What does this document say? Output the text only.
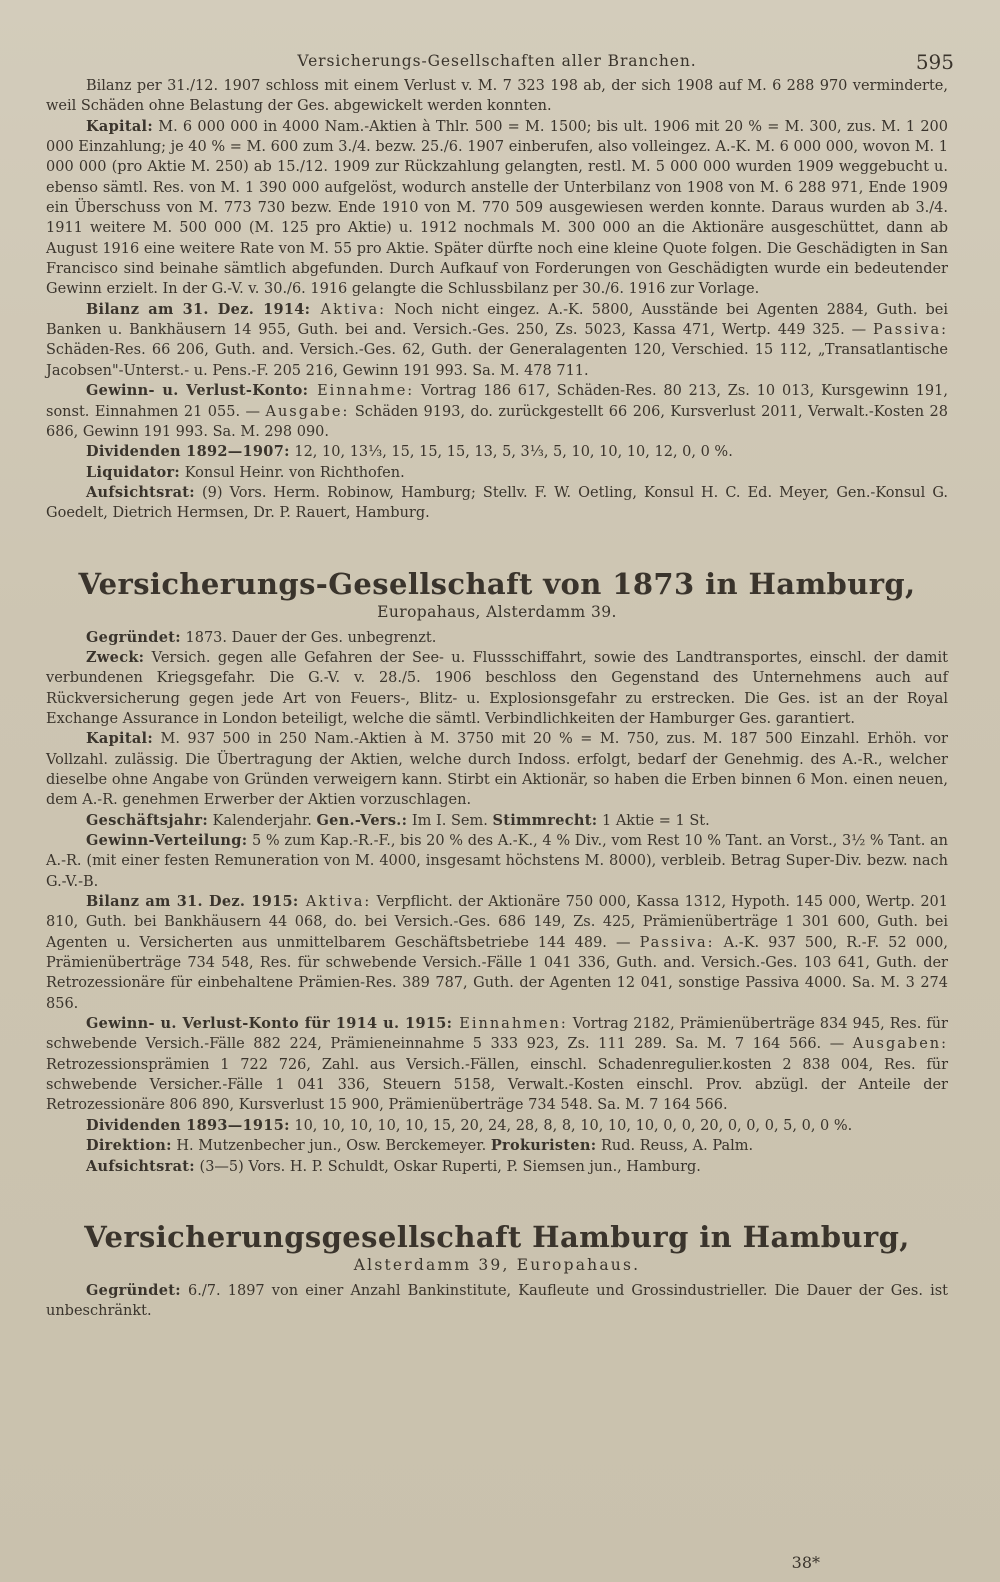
Versicherungs-Gesellschaften aller Branchen.	595

Bilanz per 31./12. 1907 schloss mit einem Verlust v. M. 7 323 198 ab, der sich 1908 auf M. 6 288 970 verminderte, weil Schäden ohne Belastung der Ges. abgewickelt werden konnten.

Kapital: M. 6 000 000 in 4000 Nam.-Aktien à Thlr. 500 = M. 1500; bis ult. 1906 mit 20 % = M. 300, zus. M. 1 200 000 Einzahlung; je 40 % = M. 600 zum 3./4. bezw. 25./6. 1907 einberufen, also volleingez. A.-K. M. 6 000 000, wovon M. 1 000 000 (pro Aktie M. 250) ab 15./12. 1909 zur Rückzahlung gelangten, restl. M. 5 000 000 wurden 1909 weggebucht u. ebenso sämtl. Res. von M. 1 390 000 aufgelöst, wodurch anstelle der Unterbilanz von 1908 von M. 6 288 971, Ende 1909 ein Überschuss von M. 773 730 bezw. Ende 1910 von M. 770 509 ausgewiesen werden konnte. Daraus wurden ab 3./4. 1911 weitere M. 500 000 (M. 125 pro Aktie) u. 1912 nochmals M. 300 000 an die Aktionäre ausgeschüttet, dann ab August 1916 eine weitere Rate von M. 55 pro Aktie. Später dürfte noch eine kleine Quote folgen. Die Geschädigten in San Francisco sind beinahe sämtlich abgefunden. Durch Aufkauf von Forderungen von Geschädigten wurde ein bedeutender Gewinn erzielt. In der G.-V. v. 30./6. 1916 gelangte die Schlussbilanz per 30./6. 1916 zur Vorlage.

Bilanz am 31. Dez. 1914: Aktiva: Noch nicht eingez. A.-K. 5800, Ausstände bei Agenten 2884, Guth. bei Banken u. Bankhäusern 14 955, Guth. bei and. Versich.-Ges. 250, Zs. 5023, Kassa 471, Wertp. 449 325. — Passiva: Schäden-Res. 66 206, Guth. and. Versich.-Ges. 62, Guth. der Generalagenten 120, Verschied. 15 112, „Transatlantische Jacobsen"-Unterst.- u. Pens.-F. 205 216, Gewinn 191 993. Sa. M. 478 711.

Gewinn- u. Verlust-Konto: Einnahme: Vortrag 186 617, Schäden-Res. 80 213, Zs. 10 013, Kursgewinn 191, sonst. Einnahmen 21 055. — Ausgabe: Schäden 9193, do. zurückgestellt 66 206, Kursverlust 2011, Verwalt.-Kosten 28 686, Gewinn 191 993. Sa. M. 298 090.

Dividenden 1892—1907: 12, 10, 13⅓, 15, 15, 15, 13, 5, 3⅓, 5, 10, 10, 10, 12, 0, 0 %.

Liquidator: Konsul Heinr. von Richthofen.

Aufsichtsrat: (9) Vors. Herm. Robinow, Hamburg; Stellv. F. W. Oetling, Konsul H. C. Ed. Meyer, Gen.-Konsul G. Goedelt, Dietrich Hermsen, Dr. P. Rauert, Hamburg.

Versicherungs-Gesellschaft von 1873 in Hamburg,

Europahaus, Alsterdamm 39.

Gegründet: 1873. Dauer der Ges. unbegrenzt.

Zweck: Versich. gegen alle Gefahren der See- u. Flussschiffahrt, sowie des Landtransportes, einschl. der damit verbundenen Kriegsgefahr. Die G.-V. v. 28./5. 1906 beschloss den Gegenstand des Unternehmens auch auf Rückversicherung gegen jede Art von Feuers-, Blitz- u. Explosionsgefahr zu erstrecken. Die Ges. ist an der Royal Exchange Assurance in London beteiligt, welche die sämtl. Verbindlichkeiten der Hamburger Ges. garantiert.

Kapital: M. 937 500 in 250 Nam.-Aktien à M. 3750 mit 20 % = M. 750, zus. M. 187 500 Einzahl. Erhöh. vor Vollzahl. zulässig. Die Übertragung der Aktien, welche durch Indoss. erfolgt, bedarf der Genehmig. des A.-R., welcher dieselbe ohne Angabe von Gründen verweigern kann. Stirbt ein Aktionär, so haben die Erben binnen 6 Mon. einen neuen, dem A.-R. genehmen Erwerber der Aktien vorzuschlagen.

Geschäftsjahr: Kalenderjahr. Gen.-Vers.: Im I. Sem. Stimmrecht: 1 Aktie = 1 St.

Gewinn-Verteilung: 5 % zum Kap.-R.-F., bis 20 % des A.-K., 4 % Div., vom Rest 10 % Tant. an Vorst., 3½ % Tant. an A.-R. (mit einer festen Remuneration von M. 4000, insgesamt höchstens M. 8000), verbleib. Betrag Super-Div. bezw. nach G.-V.-B.

Bilanz am 31. Dez. 1915: Aktiva: Verpflicht. der Aktionäre 750 000, Kassa 1312, Hypoth. 145 000, Wertp. 201 810, Guth. bei Bankhäusern 44 068, do. bei Versich.-Ges. 686 149, Zs. 425, Prämienüberträge 1 301 600, Guth. bei Agenten u. Versicherten aus unmittelbarem Geschäftsbetriebe 144 489. — Passiva: A.-K. 937 500, R.-F. 52 000, Prämienüberträge 734 548, Res. für schwebende Versich.-Fälle 1 041 336, Guth. and. Versich.-Ges. 103 641, Guth. der Retrozessionäre für einbehaltene Prämien-Res. 389 787, Guth. der Agenten 12 041, sonstige Passiva 4000. Sa. M. 3 274 856.

Gewinn- u. Verlust-Konto für 1914 u. 1915: Einnahmen: Vortrag 2182, Prämienüberträge 834 945, Res. für schwebende Versich.-Fälle 882 224, Prämieneinnahme 5 333 923, Zs. 111 289. Sa. M. 7 164 566. — Ausgaben: Retrozessionsprämien 1 722 726, Zahl. aus Versich.-Fällen, einschl. Schadenregulier.kosten 2 838 004, Res. für schwebende Versicher.-Fälle 1 041 336, Steuern 5158, Verwalt.-Kosten einschl. Prov. abzügl. der Anteile der Retrozessionäre 806 890, Kursverlust 15 900, Prämienüberträge 734 548. Sa. M. 7 164 566.

Dividenden 1893—1915: 10, 10, 10, 10, 10, 15, 20, 24, 28, 8, 8, 10, 10, 10, 0, 0, 20, 0, 0, 0, 5, 0, 0 %.

Direktion: H. Mutzenbecher jun., Osw. Berckemeyer. Prokuristen: Rud. Reuss, A. Palm.

Aufsichtsrat: (3—5) Vors. H. P. Schuldt, Oskar Ruperti, P. Siemsen jun., Hamburg.

Versicherungsgesellschaft Hamburg in Hamburg,

Alsterdamm 39, Europahaus.

Gegründet: 6./7. 1897 von einer Anzahl Bankinstitute, Kaufleute und Grossindustrieller. Die Dauer der Ges. ist unbeschränkt.

38*
